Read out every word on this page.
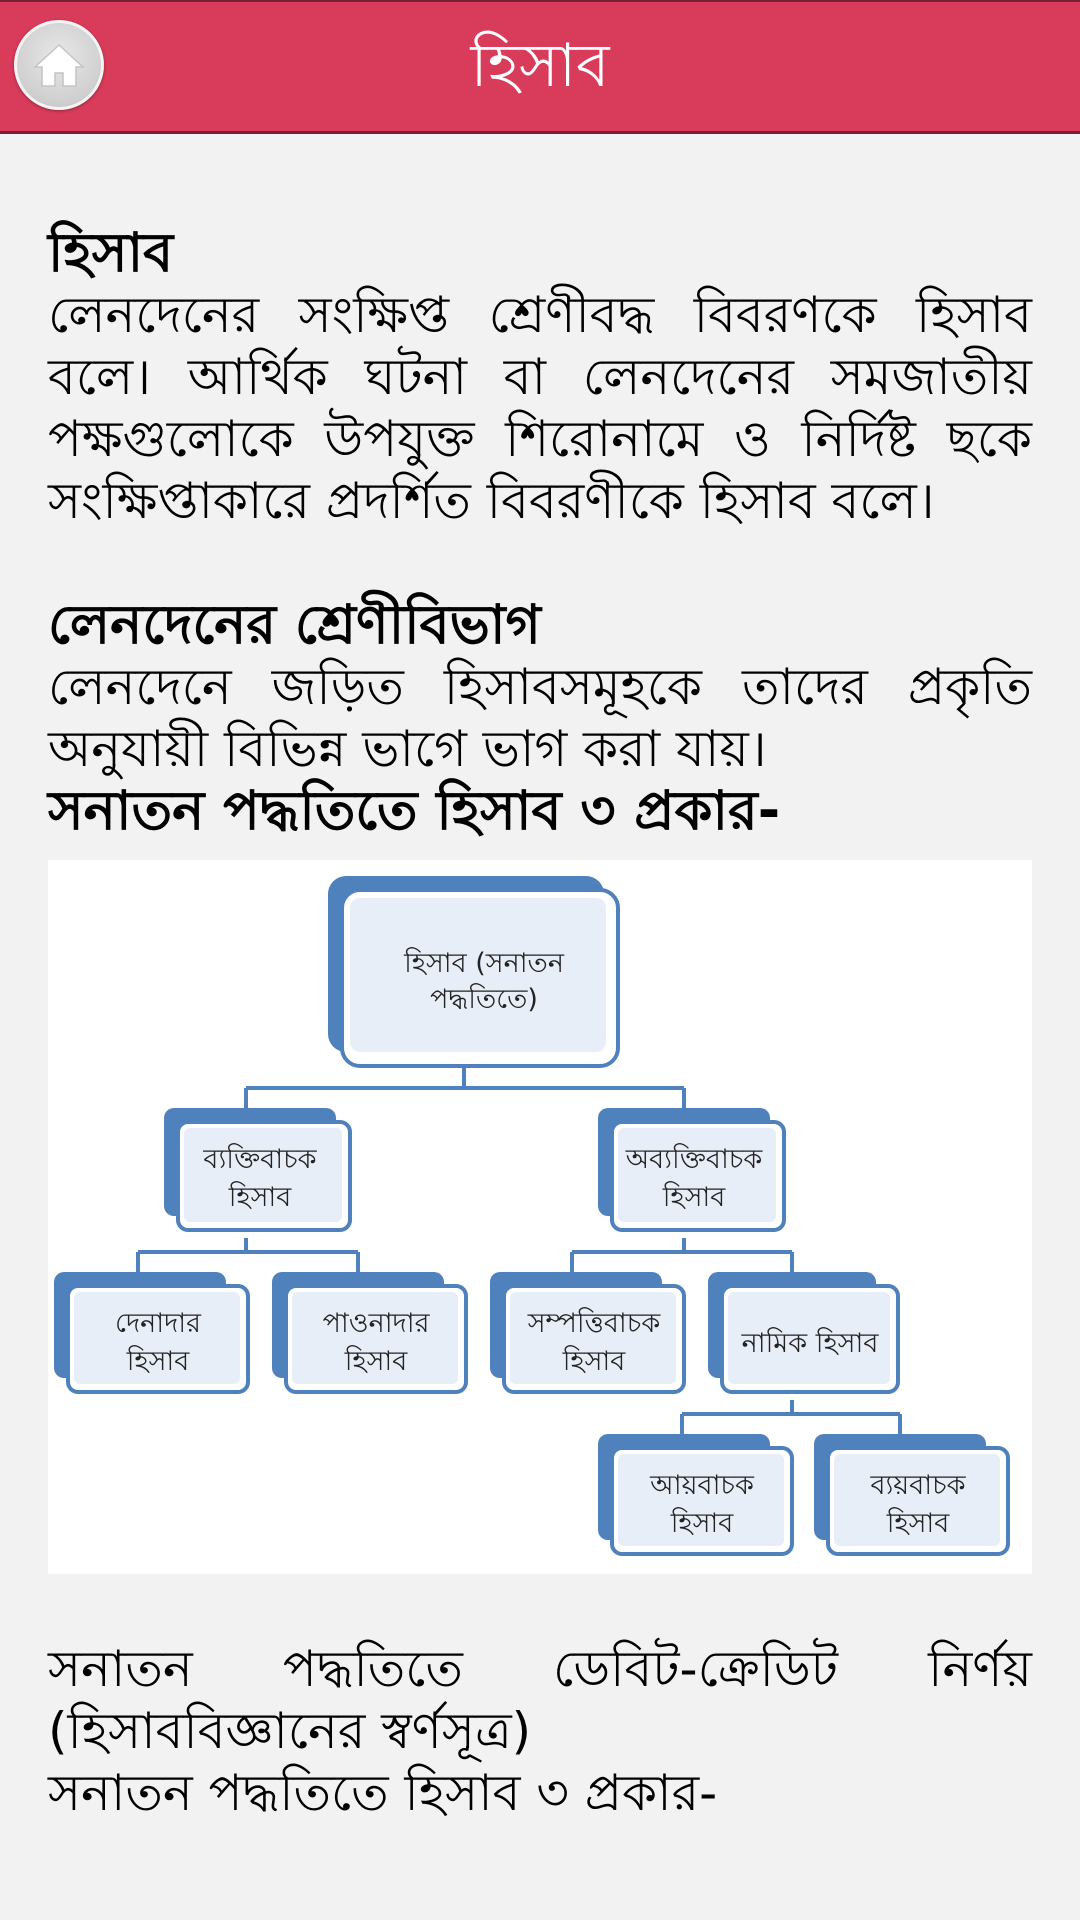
হিসাব
হিসাব

লেনদেনের সংক্ষিপ্ত শ্রেণীবদ্ধ বিবরণকে হিসাব বলে। আর্থিক ঘটনা বা লেনদেনের সমজাতীয় পক্ষগুলোকে উপযুক্ত শিরোনামে ও নির্দিষ্ট ছকে সংক্ষিপ্তাকারে প্রদর্শিত বিবরণীকে হিসাব বলে।

লেনদেনের শ্রেণীবিভাগ

লেনদেনে জড়িত হিসাবসমূহকে তাদের প্রকৃতি অনুযায়ী বিভিন্ন ভাগে ভাগ করা যায়।

সনাতন পদ্ধতিতে হিসাব ৩ প্রকার-
হিসাব (সনাতন
পদ্ধতিতে)
ব্যক্তিবাচক
হিসাব
অব্যক্তিবাচক
হিসাব
দেনাদার
হিসাব
পাওনাদার
হিসাব
সম্পত্তিবাচক
হিসাব
নামিক হিসাব
আয়বাচক
হিসাব
ব্যয়বাচক
হিসাব

সনাতন পদ্ধতিতে ডেবিট-ক্রেডিট নির্ণয় (হিসাববিজ্ঞানের স্বর্ণসূত্র)

সনাতন পদ্ধতিতে হিসাব ৩ প্রকার-
